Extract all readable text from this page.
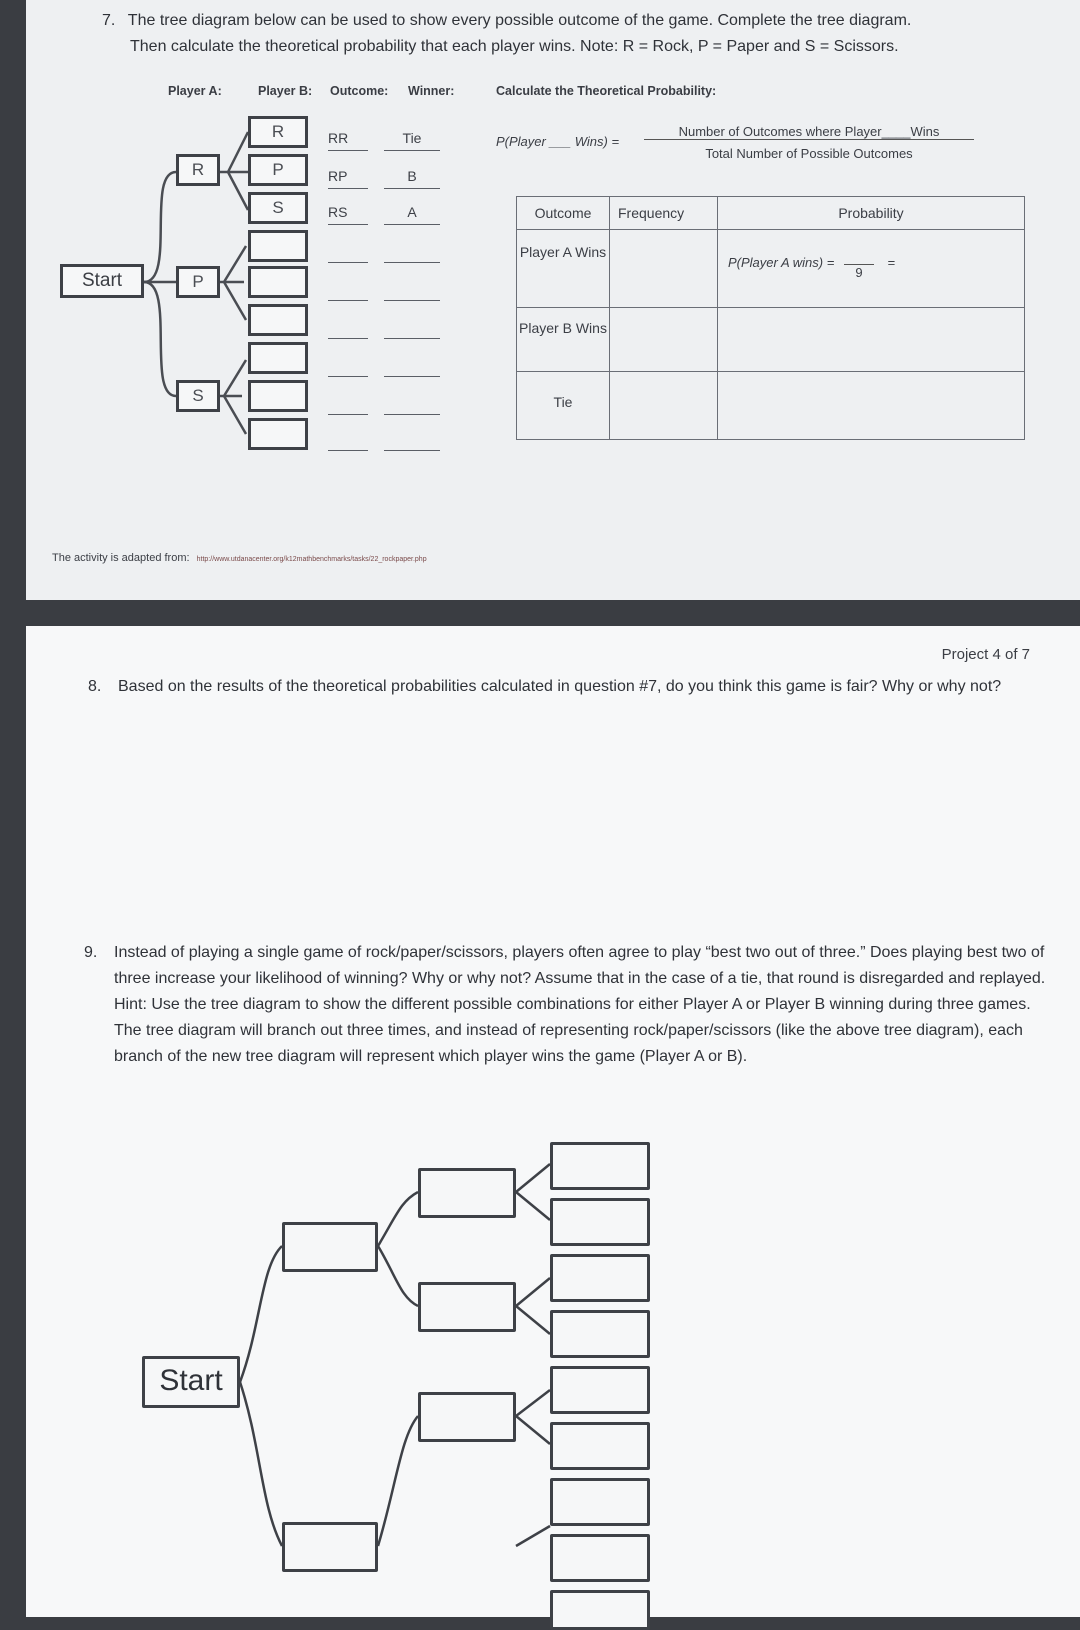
7. The tree diagram below can be used to show every possible outcome of the game. Complete the tree diagram.
Then calculate the theoretical probability that each player wins. Note: R = Rock, P = Paper and S = Scissors.
Player A:	Player B: Outcome: Winner:	Calculate the Theoretical Probability:
Start
R
P
S
R
P
S
RR
RP
RS
Tie
B
A
P(Player ___ Wins) =
Number of Outcomes where Player____Wins
Total Number of Possible Outcomes
Outcome	Frequency	Probability
Player A Wins		P(Player A wins) = 9 =
Player B Wins		
Tie		
The activity is adapted from: http://www.utdanacenter.org/k12mathbenchmarks/tasks/22_rockpaper.php
Project 4 of 7
8. Based on the results of the theoretical probabilities calculated in question #7, do you think this game is fair? Why or why not?
9. Instead of playing a single game of rock/paper/scissors, players often agree to play “best two out of three.” Does playing best two of three increase your likelihood of winning? Why or why not? Assume that in the case of a tie, that round is disregarded and replayed. Hint: Use the tree diagram to show the different possible combinations for either Player A or Player B winning during three games. The tree diagram will branch out three times, and instead of representing rock/paper/scissors (like the above tree diagram), each branch of the new tree diagram will represent which player wins the game (Player A or B).
Start
